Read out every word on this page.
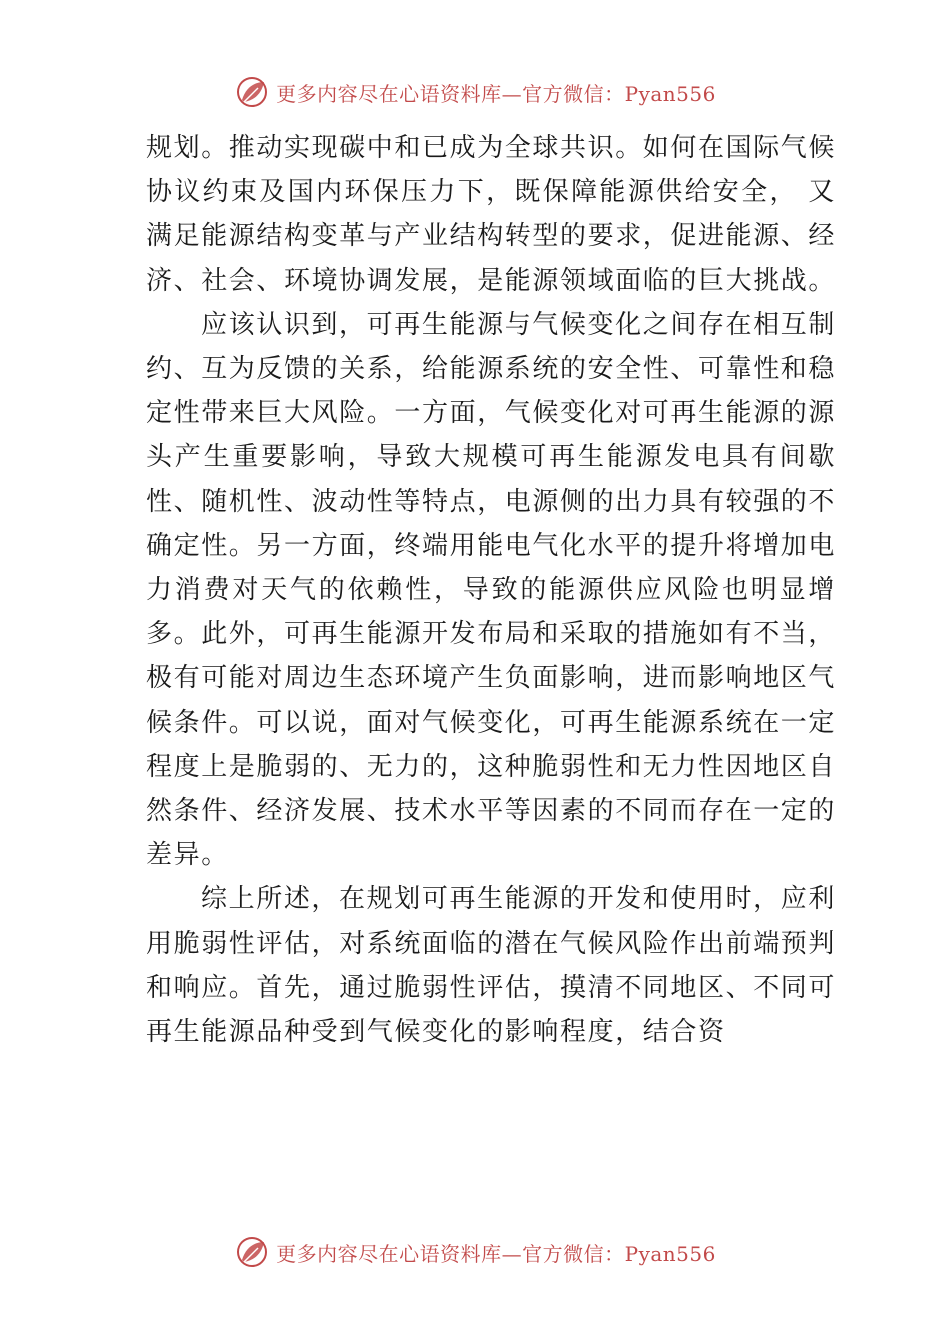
更多内容尽在心语资料库—官方微信：Pyan556

规划。推动实现碳中和已成为全球共识。如何在国际气候协议约束及国内环保压力下，既保障能源供给安全， 又满足能源结构变革与产业结构转型的要求，促进能源、经济、社会、环境协调发展，是能源领域面临的巨大挑战。

应该认识到，可再生能源与气候变化之间存在相互制约、互为反馈的关系，给能源系统的安全性、可靠性和稳定性带来巨大风险。一方面，气候变化对可再生能源的源头产生重要影响，导致大规模可再生能源发电具有间歇性、随机性、波动性等特点，电源侧的出力具有较强的不确定性。另一方面，终端用能电气化水平的提升将增加电力消费对天气的依赖性，导致的能源供应风险也明显增多。此外，可再生能源开发布局和采取的措施如有不当，极有可能对周边生态环境产生负面影响，进而影响地区气候条件。可以说，面对气候变化，可再生能源系统在一定程度上是脆弱的、无力的，这种脆弱性和无力性因地区自然条件、经济发展、技术水平等因素的不同而存在一定的差异。

综上所述，在规划可再生能源的开发和使用时，应利用脆弱性评估，对系统面临的潜在气候风险作出前端预判和响应。首先，通过脆弱性评估，摸清不同地区、不同可再生能源品种受到气候变化的影响程度，结合资

更多内容尽在心语资料库—官方微信：Pyan556
